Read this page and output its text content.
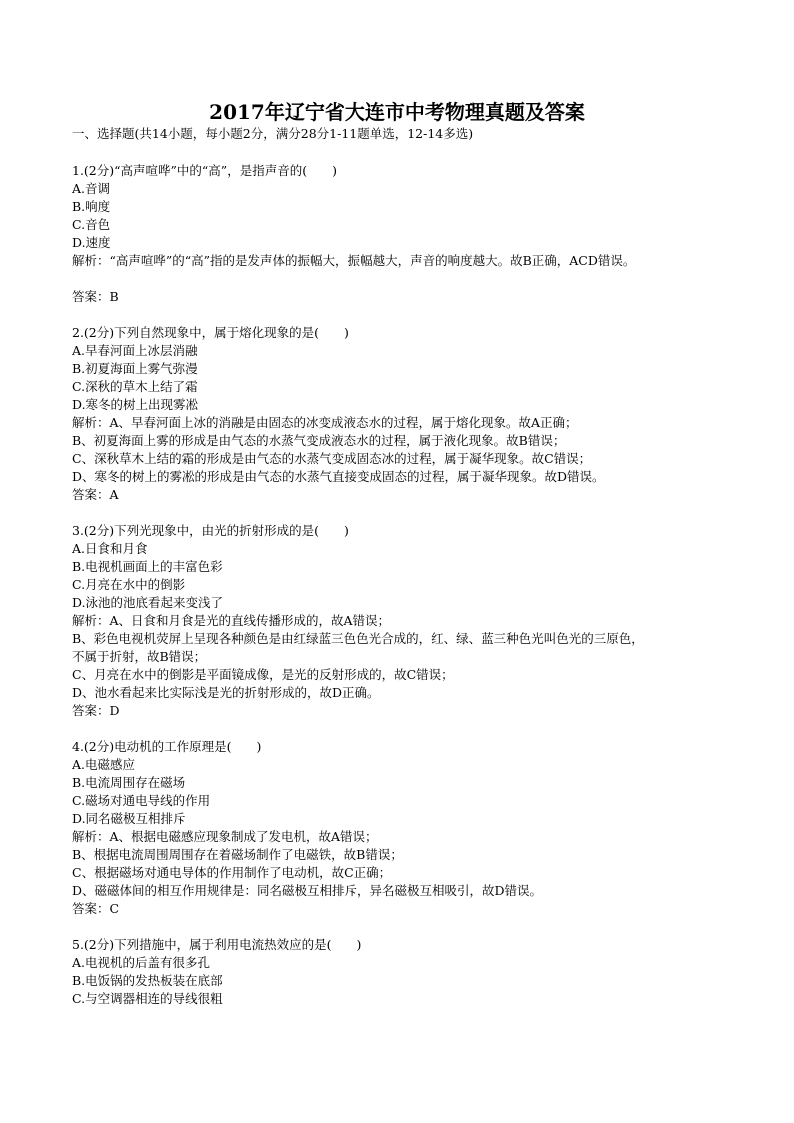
2017年辽宁省大连市中考物理真题及答案
一、选择题(共14小题，每小题2分，满分28分1-11题单选，12-14多选)
1.(2分)“高声喧哗”中的“高”，是指声音的(　　)
A.音调
B.响度
C.音色
D.速度
解析：“高声喧哗”的“高”指的是发声体的振幅大，振幅越大，声音的响度越大。故B正确，ACD错误。
答案：B
2.(2分)下列自然现象中，属于熔化现象的是(　　)
A.早春河面上冰层消融
B.初夏海面上雾气弥漫
C.深秋的草木上结了霜
D.寒冬的树上出现雾凇
解析：A、早春河面上冰的消融是由固态的冰变成液态水的过程，属于熔化现象。故A正确；
B、初夏海面上雾的形成是由气态的水蒸气变成液态水的过程，属于液化现象。故B错误；
C、深秋草木上结的霜的形成是由气态的水蒸气变成固态冰的过程，属于凝华现象。故C错误；
D、寒冬的树上的雾凇的形成是由气态的水蒸气直接变成固态的过程，属于凝华现象。故D错误。
答案：A
3.(2分)下列光现象中，由光的折射形成的是(　　)
A.日食和月食
B.电视机画面上的丰富色彩
C.月亮在水中的倒影
D.泳池的池底看起来变浅了
解析：A、日食和月食是光的直线传播形成的，故A错误；
B、彩色电视机荧屏上呈现各种颜色是由红绿蓝三色色光合成的，红、绿、蓝三种色光叫色光的三原色，
不属于折射，故B错误；
C、月亮在水中的倒影是平面镜成像，是光的反射形成的，故C错误；
D、池水看起来比实际浅是光的折射形成的，故D正确。
答案：D
4.(2分)电动机的工作原理是(　　)
A.电磁感应
B.电流周围存在磁场
C.磁场对通电导线的作用
D.同名磁极互相排斥
解析：A、根据电磁感应现象制成了发电机，故A错误；
B、根据电流周围周围存在着磁场制作了电磁铁，故B错误；
C、根据磁场对通电导体的作用制作了电动机，故C正确；
D、磁磁体间的相互作用规律是：同名磁极互相排斥，异名磁极互相吸引，故D错误。
答案：C
5.(2分)下列措施中，属于利用电流热效应的是(　　)
A.电视机的后盖有很多孔
B.电饭锅的发热板装在底部
C.与空调器相连的导线很粗
